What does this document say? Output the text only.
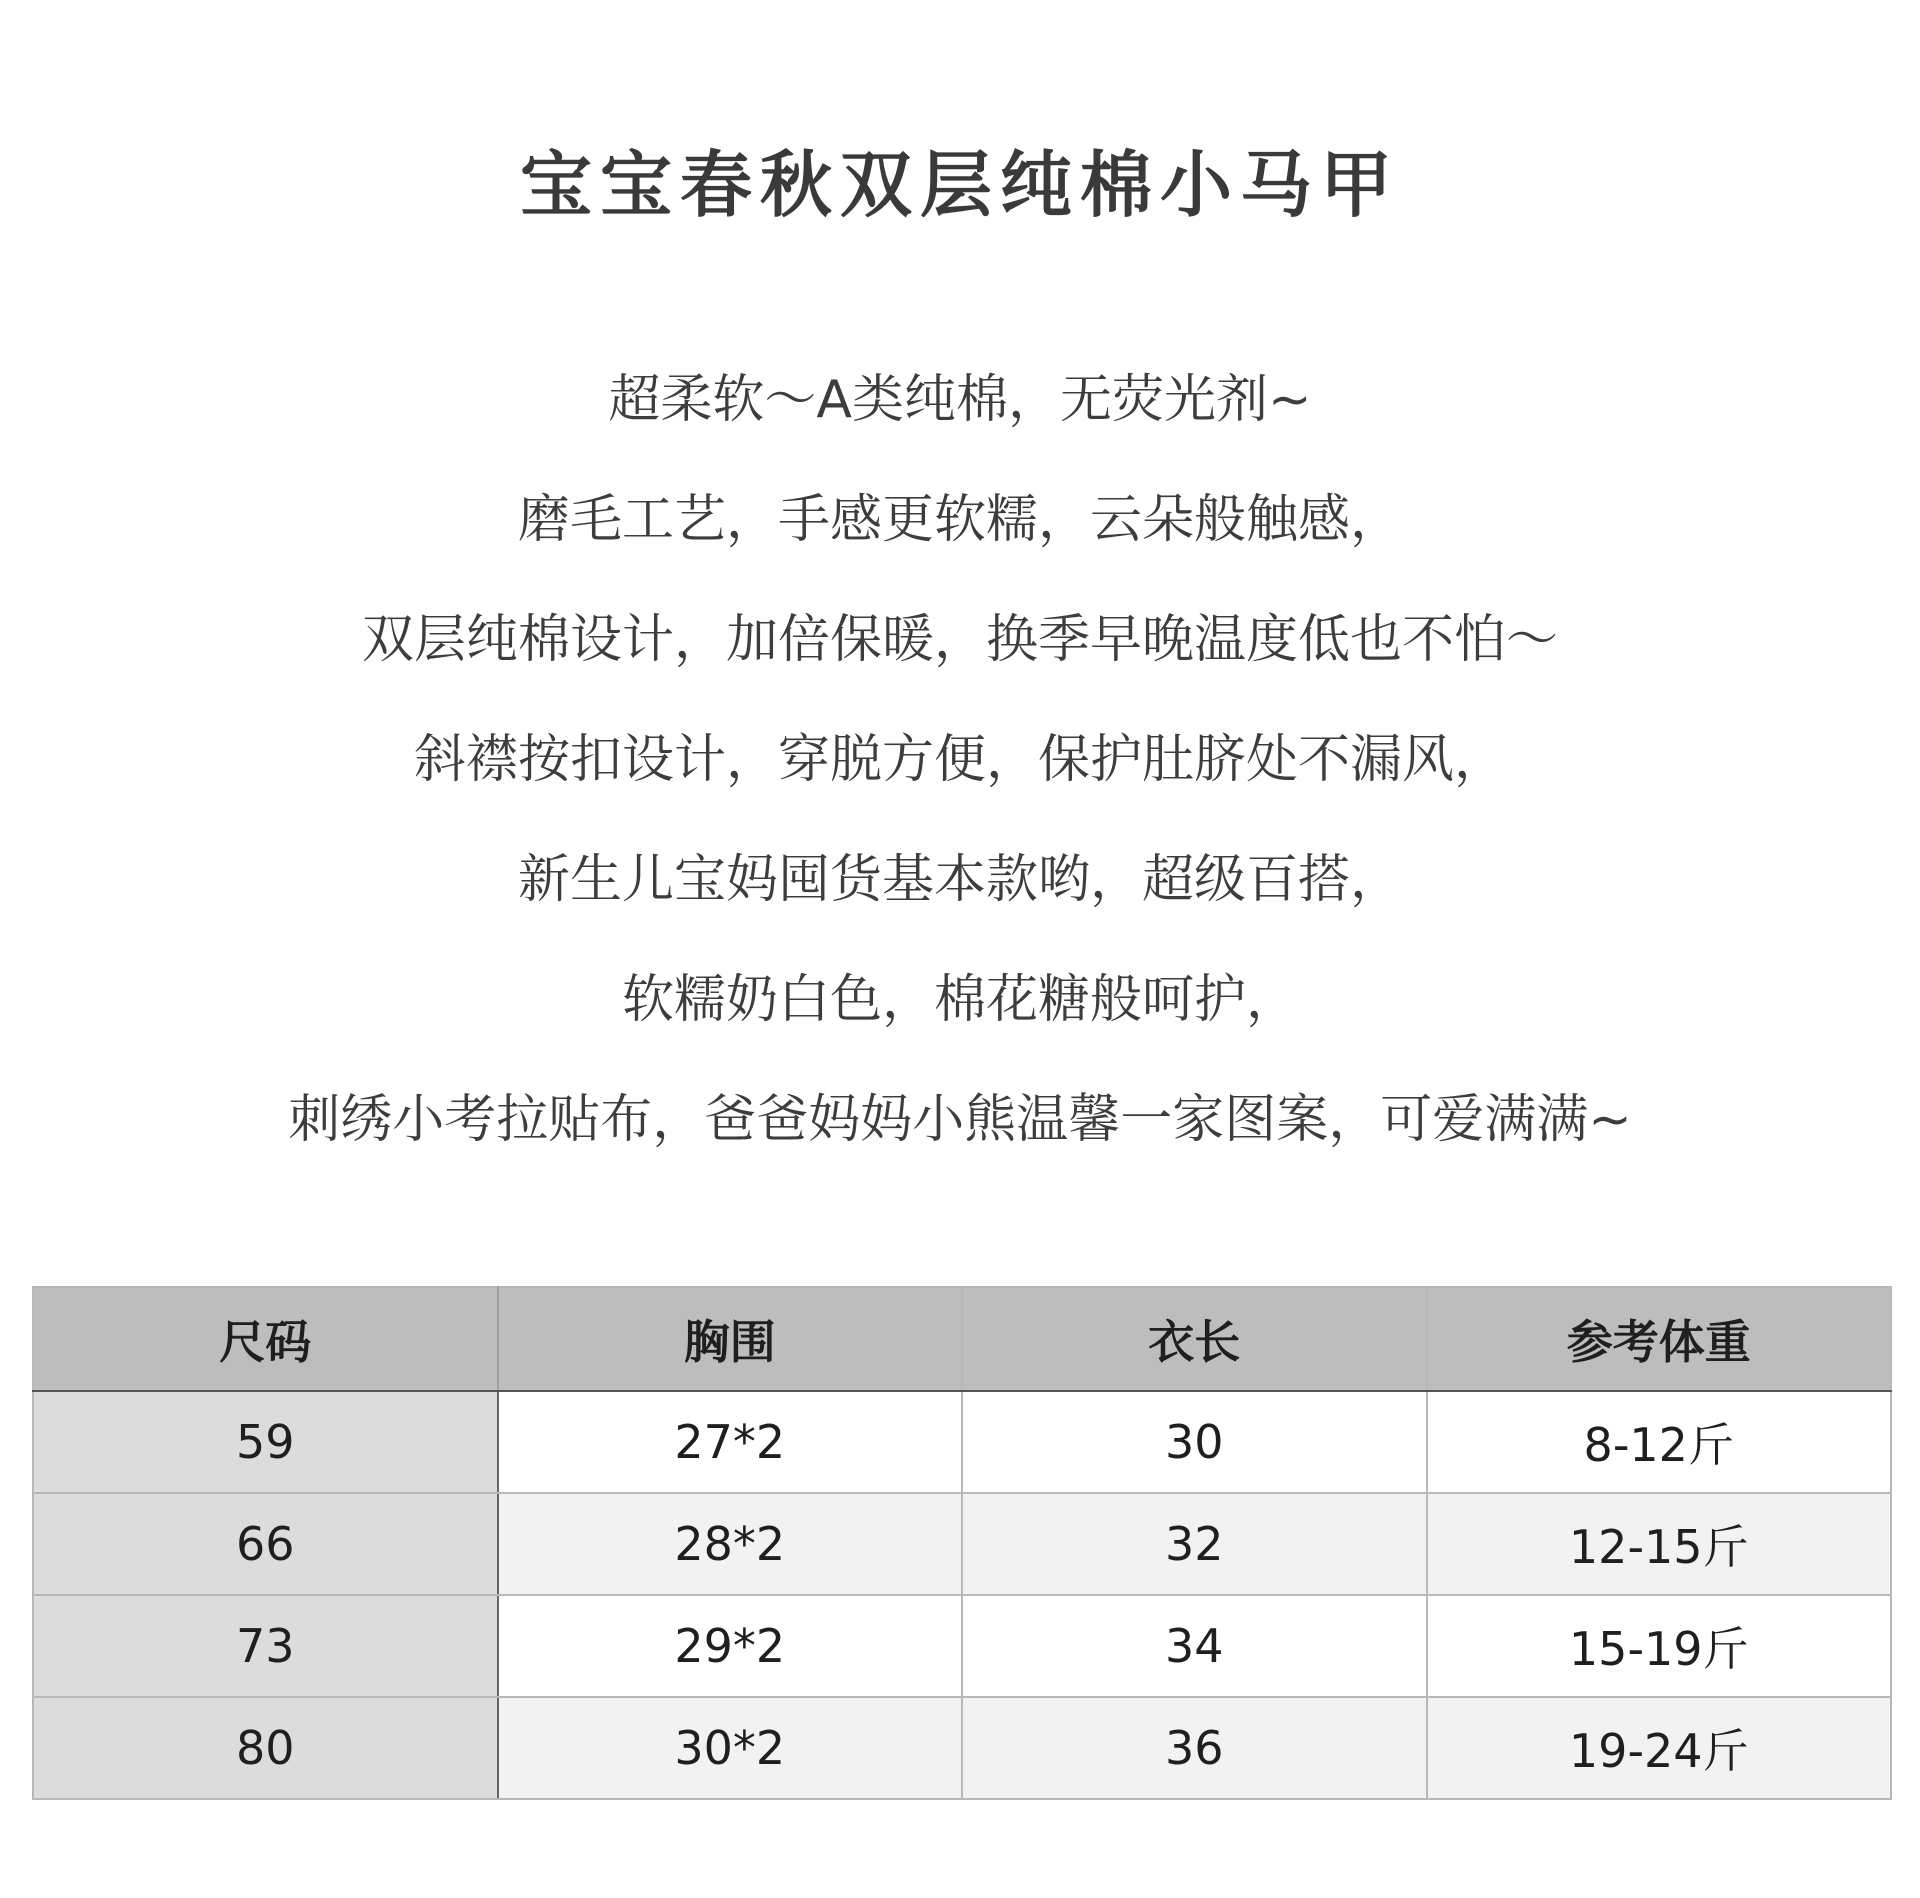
宝宝春秋双层纯棉小马甲
超柔软～A类纯棉，无荧光剂~
磨毛工艺，手感更软糯，云朵般触感，
双层纯棉设计，加倍保暖，换季早晚温度低也不怕～
斜襟按扣设计，穿脱方便，保护肚脐处不漏风，
新生儿宝妈囤货基本款哟，超级百搭，
软糯奶白色，棉花糖般呵护，
刺绣小考拉贴布，爸爸妈妈小熊温馨一家图案，可爱满满~
尺码	胸围	衣长	参考体重
59	27*2	30	8-12斤
66	28*2	32	12-15斤
73	29*2	34	15-19斤
80	30*2	36	19-24斤
